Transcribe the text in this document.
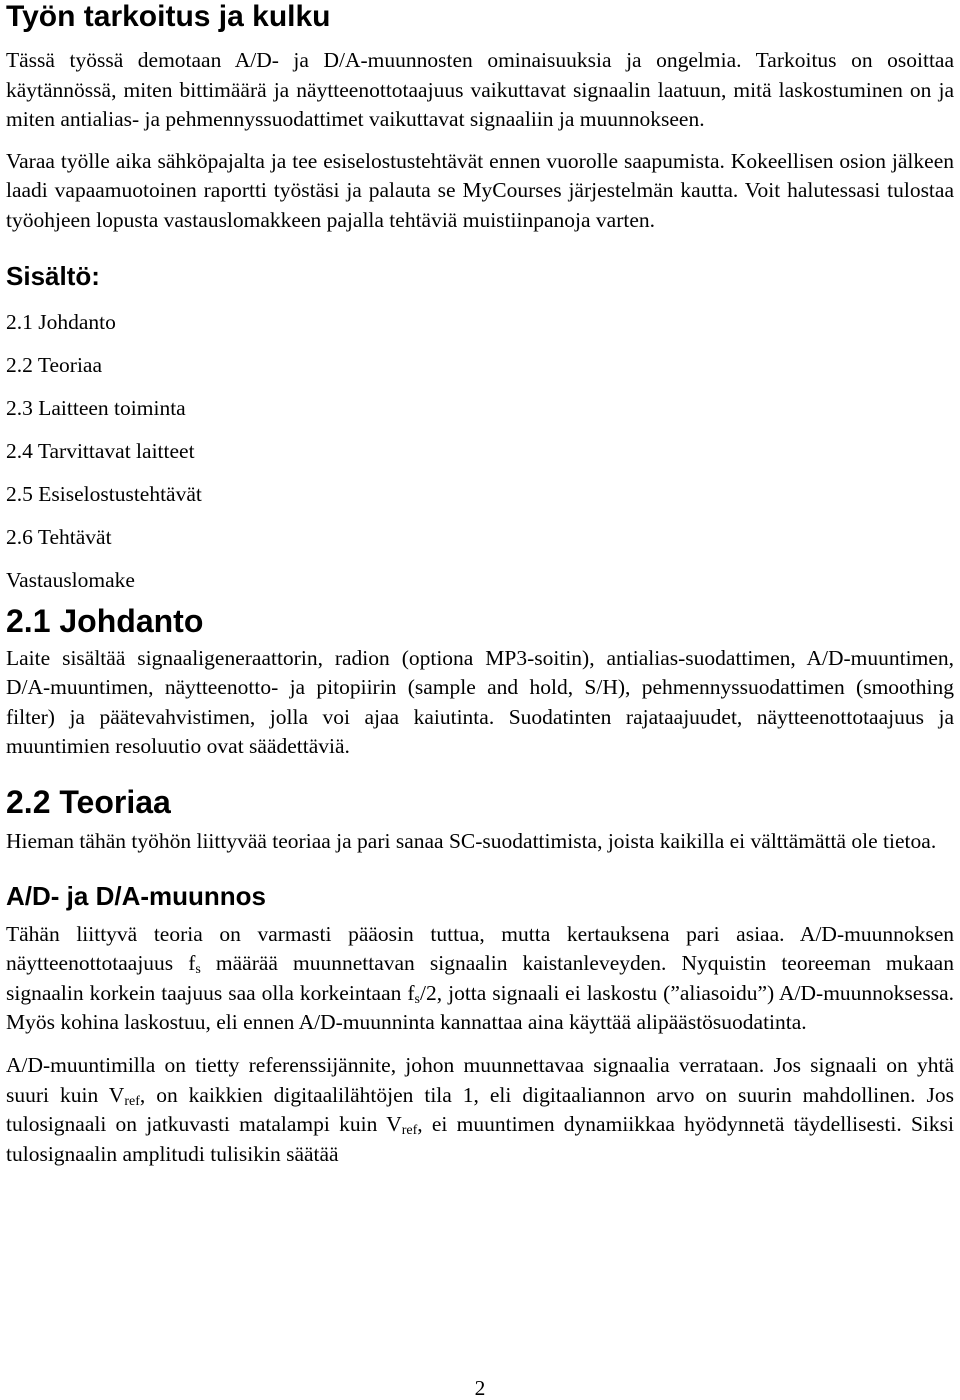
Työn tarkoitus ja kulku

Tässä työssä demotaan A/D- ja D/A-muunnosten ominaisuuksia ja ongelmia. Tarkoitus on osoittaa käytännössä, miten bittimäärä ja näytteenottotaajuus vaikuttavat signaalin laatuun, mitä laskostuminen on ja miten antialias- ja pehmennyssuodattimet vaikuttavat signaaliin ja muunnokseen.

Varaa työlle aika sähköpajalta ja tee esiselostustehtävät ennen vuorolle saapumista. Kokeellisen osion jälkeen laadi vapaamuotoinen raportti työstäsi ja palauta se MyCourses järjestelmän kautta. Voit halutessasi tulostaa työohjeen lopusta vastauslomakkeen pajalla tehtäviä muistiinpanoja varten.

Sisältö:
2.1 Johdanto
2.2 Teoriaa
2.3 Laitteen toiminta
2.4 Tarvittavat laitteet
2.5 Esiselostustehtävät
2.6 Tehtävät
Vastauslomake
2.1 Johdanto

Laite sisältää signaaligeneraattorin, radion (optiona MP3-soitin), antialias-suodattimen, A/D-muuntimen, D/A-muuntimen, näytteenotto- ja pitopiirin (sample and hold, S/H), pehmennyssuodattimen (smoothing filter) ja päätevahvistimen, jolla voi ajaa kaiutinta. Suodatinten rajataajuudet, näytteenottotaajuus ja muuntimien resoluutio ovat säädettäviä.

2.2 Teoriaa

Hieman tähän työhön liittyvää teoriaa ja pari sanaa SC-suodattimista, joista kaikilla ei välttämättä ole tietoa.

A/D- ja D/A-muunnos

Tähän liittyvä teoria on varmasti pääosin tuttua, mutta kertauksena pari asiaa. A/D-muunnoksen näytteenottotaajuus $f_s$ määrää muunnettavan signaalin kaistanleveyden. Nyquistin teoreeman mukaan signaalin korkein taajuus saa olla korkeintaan $f_s/2$, jotta signaali ei laskostu (”aliasoidu”) A/D-muunnoksessa. Myös kohina laskostuu, eli ennen A/D-muunninta kannattaa aina käyttää alipäästösuodatinta.

A/D-muuntimilla on tietty referenssijännite, johon muunnettavaa signaalia verrataan. Jos signaali on yhtä suuri kuin $V_{ref}$, on kaikkien digitaalilähtöjen tila 1, eli digitaaliannon arvo on suurin mahdollinen. Jos tulosignaali on jatkuvasti matalampi kuin $V_{ref}$, ei muuntimen dynamiikkaa hyödynnetä täydellisesti. Siksi tulosignaalin amplitudi tulisikin säätää

2
